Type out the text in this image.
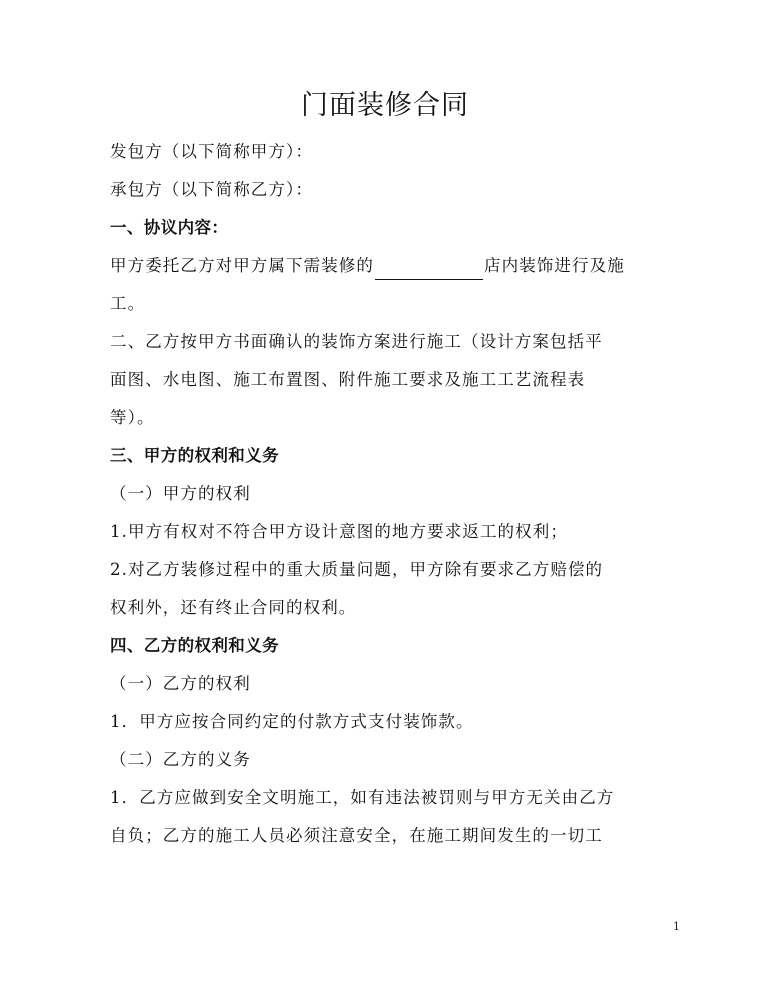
门面装修合同
发包方（以下简称甲方）：
承包方（以下简称乙方）：
一、协议内容：
甲方委托乙方对甲方属下需装修的	店内装饰进行及施
工。
二、乙方按甲方书面确认的装饰方案进行施工（设计方案包括平
面图、水电图、施工布置图、附件施工要求及施工工艺流程表
等）。
三、甲方的权利和义务
（一）甲方的权利
1.甲方有权对不符合甲方设计意图的地方要求返工的权利；
2.对乙方装修过程中的重大质量问题，甲方除有要求乙方赔偿的
权利外，还有终止合同的权利。
四、乙方的权利和义务
（一）乙方的权利
1．甲方应按合同约定的付款方式支付装饰款。
（二）乙方的义务
1．乙方应做到安全文明施工，如有违法被罚则与甲方无关由乙方
自负；乙方的施工人员必须注意安全，在施工期间发生的一切工
1
